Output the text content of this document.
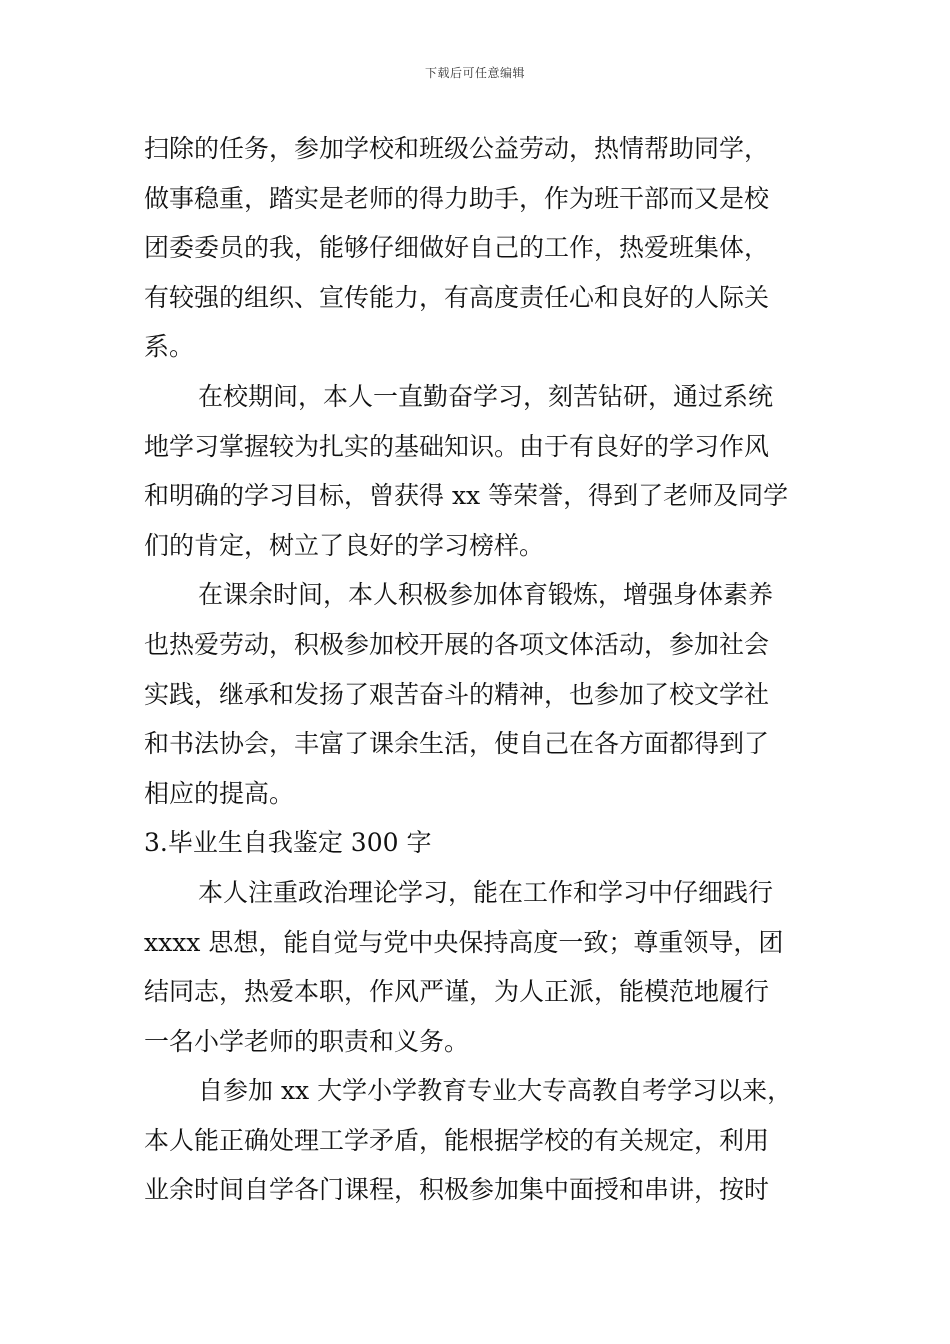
下载后可任意编辑
扫除的任务，参加学校和班级公益劳动，热情帮助同学，
做事稳重，踏实是老师的得力助手，作为班干部而又是校
团委委员的我，能够仔细做好自己的工作，热爱班集体，
有较强的组织、宣传能力，有高度责任心和良好的人际关
系。
在校期间，本人一直勤奋学习，刻苦钻研，通过系统
地学习掌握较为扎实的基础知识。由于有良好的学习作风
和明确的学习目标，曾获得 xx 等荣誉，得到了老师及同学
们的肯定，树立了良好的学习榜样。
在课余时间，本人积极参加体育锻炼，增强身体素养
也热爱劳动，积极参加校开展的各项文体活动，参加社会
实践，继承和发扬了艰苦奋斗的精神，也参加了校文学社
和书法协会，丰富了课余生活，使自己在各方面都得到了
相应的提高。
3.毕业生自我鉴定 300 字
本人注重政治理论学习，能在工作和学习中仔细践行
xxxx 思想，能自觉与党中央保持高度一致；尊重领导，团
结同志，热爱本职，作风严谨，为人正派，能模范地履行
一名小学老师的职责和义务。
自参加 xx 大学小学教育专业大专高教自考学习以来，
本人能正确处理工学矛盾，能根据学校的有关规定，利用
业余时间自学各门课程，积极参加集中面授和串讲，按时
